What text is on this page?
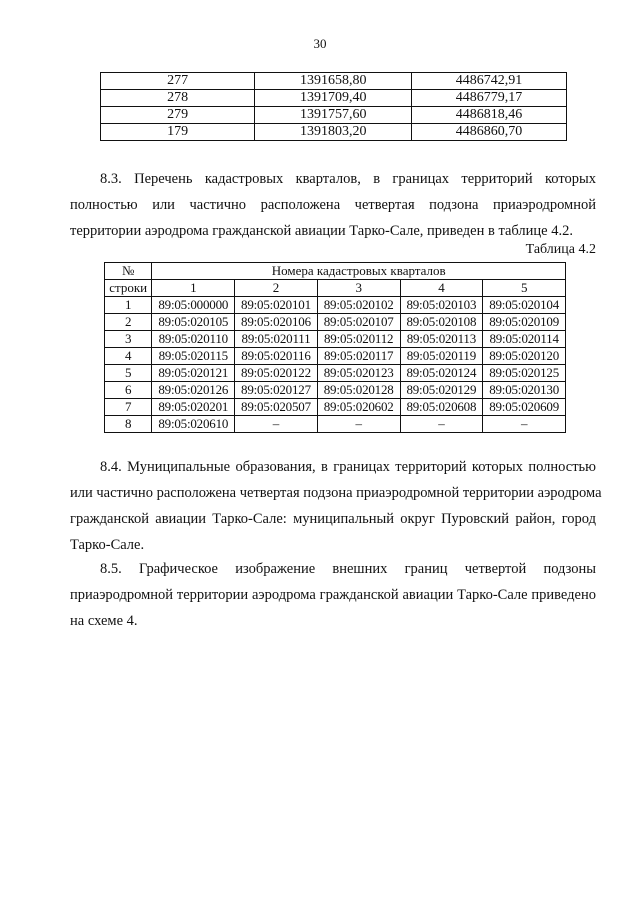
30
277	1391658,80	4486742,91
278	1391709,40	4486779,17
279	1391757,60	4486818,46
179	1391803,20	4486860,70
8.3. Перечень кадастровых кварталов, в границах территорий которых
полностью или частично расположена четвертая подзона приаэродромной
территории аэродрома гражданской авиации Тарко-Сале, приведен в таблице 4.2.
Таблица 4.2
№	Номера кадастровых кварталов				
строки	1	2	3	4	5
1	89:05:000000	89:05:020101	89:05:020102	89:05:020103	89:05:020104
2	89:05:020105	89:05:020106	89:05:020107	89:05:020108	89:05:020109
3	89:05:020110	89:05:020111	89:05:020112	89:05:020113	89:05:020114
4	89:05:020115	89:05:020116	89:05:020117	89:05:020119	89:05:020120
5	89:05:020121	89:05:020122	89:05:020123	89:05:020124	89:05:020125
6	89:05:020126	89:05:020127	89:05:020128	89:05:020129	89:05:020130
7	89:05:020201	89:05:020507	89:05:020602	89:05:020608	89:05:020609
8	89:05:020610	–	–	–	–
8.4. Муниципальные образования, в границах территорий которых полностью
или частично расположена четвертая подзона приаэродромной территории аэродрома
гражданской авиации Тарко-Сале: муниципальный округ Пуровский район, город
Тарко-Сале.
8.5. Графическое изображение внешних границ четвертой подзоны
приаэродромной территории аэродрома гражданской авиации Тарко-Сале приведено
на схеме 4.
